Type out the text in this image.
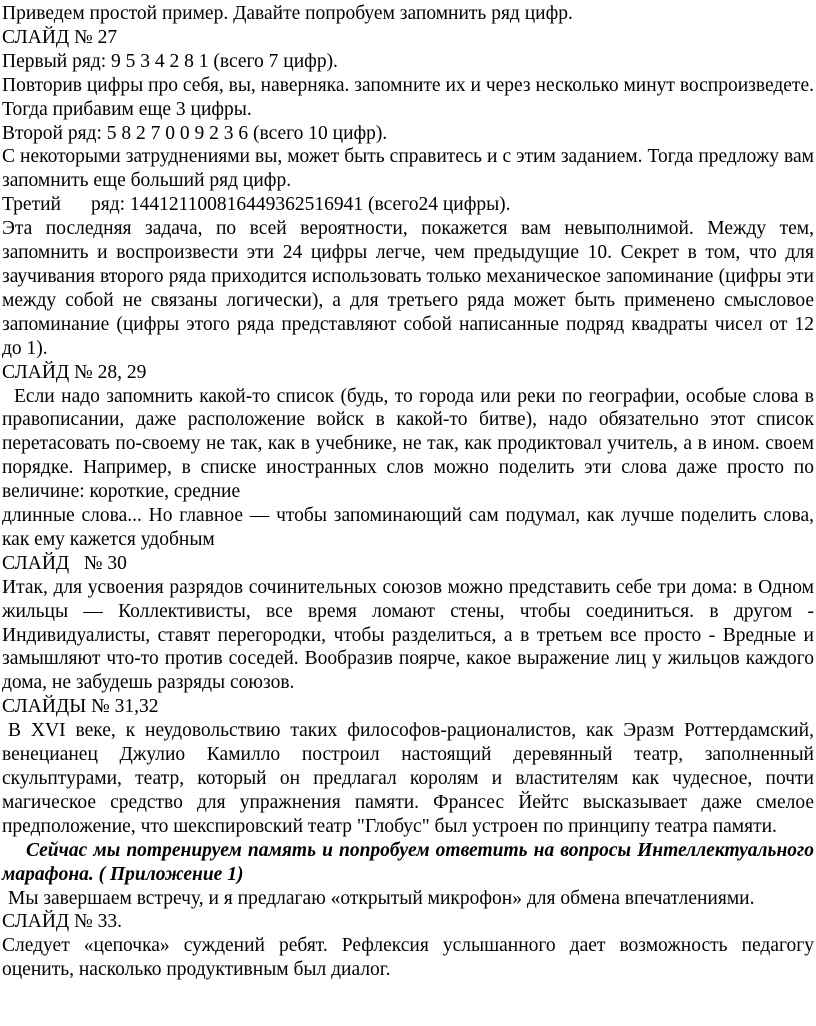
Приведем простой пример. Давайте попробуем запомнить ряд цифр.

СЛАЙД № 27

Первый ряд: 9 5 3 4 2 8 1 (всего 7 цифр).

Повторив цифры про себя, вы, наверняка. запомните их и через несколько минут воспроизведете. Тогда прибавим еще 3 цифры.

Второй ряд: 5 8 2 7 0 0 9 2 3 6 (всего 10 цифр).

С некоторыми затруднениями вы, может быть справитесь и с этим заданием. Тогда предложу вам запомнить еще больший ряд цифр.

Третий ряд: 144121100816449362516941 (всего24 цифры).

Эта последняя задача, по всей вероятности, покажется вам невыполнимой. Между тем, запомнить и воспроизвести эти 24 цифры легче, чем предыдущие 10. Секрет в том, что для заучивания второго ряда приходится использовать только механическое запоминание (цифры эти между собой не связаны логически), а для третьего ряда может быть применено смысловое запоминание (цифры этого ряда представляют собой написанные подряд квадраты чисел от 12 до 1).

СЛАЙД № 28, 29

Если надо запомнить какой-то список (будь, то города или реки по географии, особые слова в правописании, даже расположение войск в какой-то битве), надо обязательно этот список перетасовать по-своему не так, как в учебнике, не так, как продиктовал учитель, а в ином. своем порядке. Например, в списке иностранных слов можно поделить эти слова даже просто по величине: короткие, средние

длинные слова... Но главное — чтобы запоминающий сам подумал, как лучше поделить слова, как ему кажется удобным

СЛАЙД   № 30

Итак, для усвоения разрядов сочинительных союзов можно представить себе три дома: в Одном жильцы — Коллективисты, все время ломают стены, чтобы соединиться. в другом - Индивидуалисты, ставят перегородки, чтобы разделиться, а в третьем все просто - Вредные и замышляют что-то против соседей. Вообразив поярче, какое выражение лиц у жильцов каждого дома, не забудешь разряды союзов.

СЛАЙДЫ № 31,32

В XVI веке, к неудовольствию таких философов-рационалистов, как Эразм Роттердамский, венецианец Джулио Камилло построил настоящий деревянный театр, заполненный скульптурами, театр, который он предлагал королям и властителям как чудесное, почти магическое средство для упражнения памяти. Франсес Йейтс высказывает даже смелое предположение, что шекспировский театр "Глобус" был устроен по принципу театра памяти.

Сейчас мы потренируем память и попробуем ответить на вопросы Интеллектуального марафона. ( Приложение 1)

Мы завершаем встречу, и я предлагаю «открытый микрофон» для обмена впечатлениями.

СЛАЙД № 33.

Следует «цепочка» суждений ребят. Рефлексия услышанного дает возможность педагогу оценить, насколько продуктивным был диалог.
